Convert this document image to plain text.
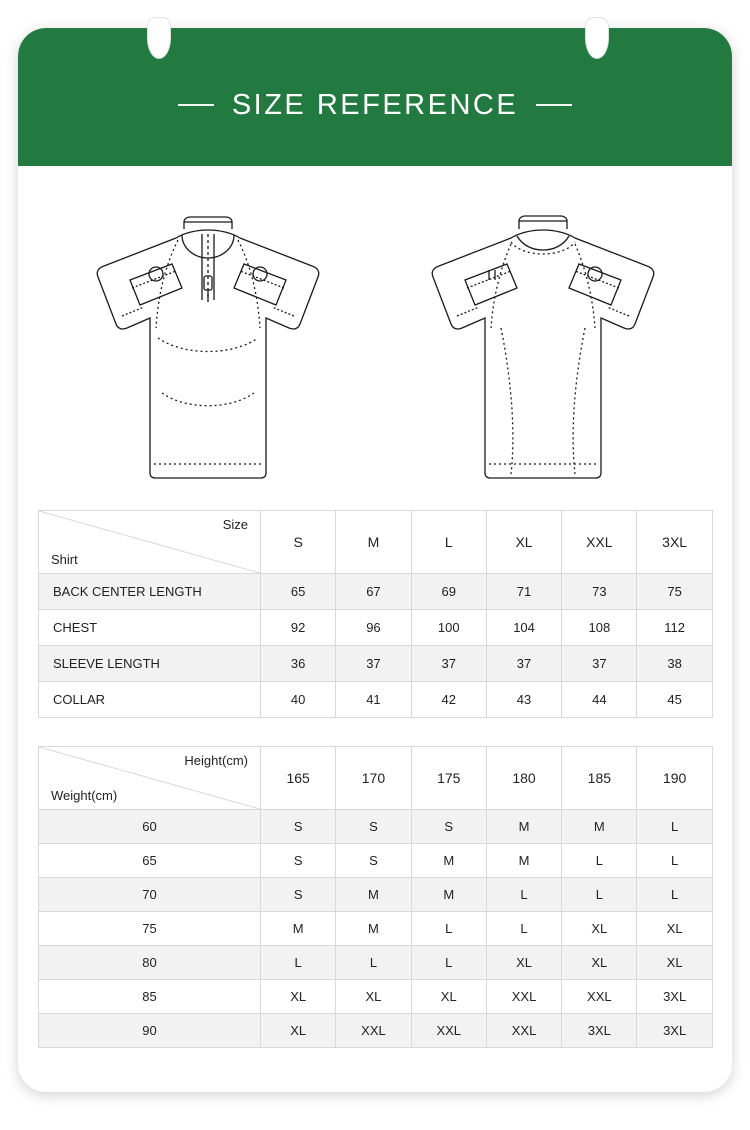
SIZE REFERENCE
Size
Shirt	S	M	L	XL	XXL	3XL
BACK CENTER LENGTH	65	67	69	71	73	75
CHEST	92	96	100	104	108	112
SLEEVE LENGTH	36	37	37	37	37	38
COLLAR	40	41	42	43	44	45
Height(cm)
Weight(cm)	165	170	175	180	185	190
60	S	S	S	M	M	L
65	S	S	M	M	L	L
70	S	M	M	L	L	L
75	M	M	L	L	XL	XL
80	L	L	L	XL	XL	XL
85	XL	XL	XL	XXL	XXL	3XL
90	XL	XXL	XXL	XXL	3XL	3XL
